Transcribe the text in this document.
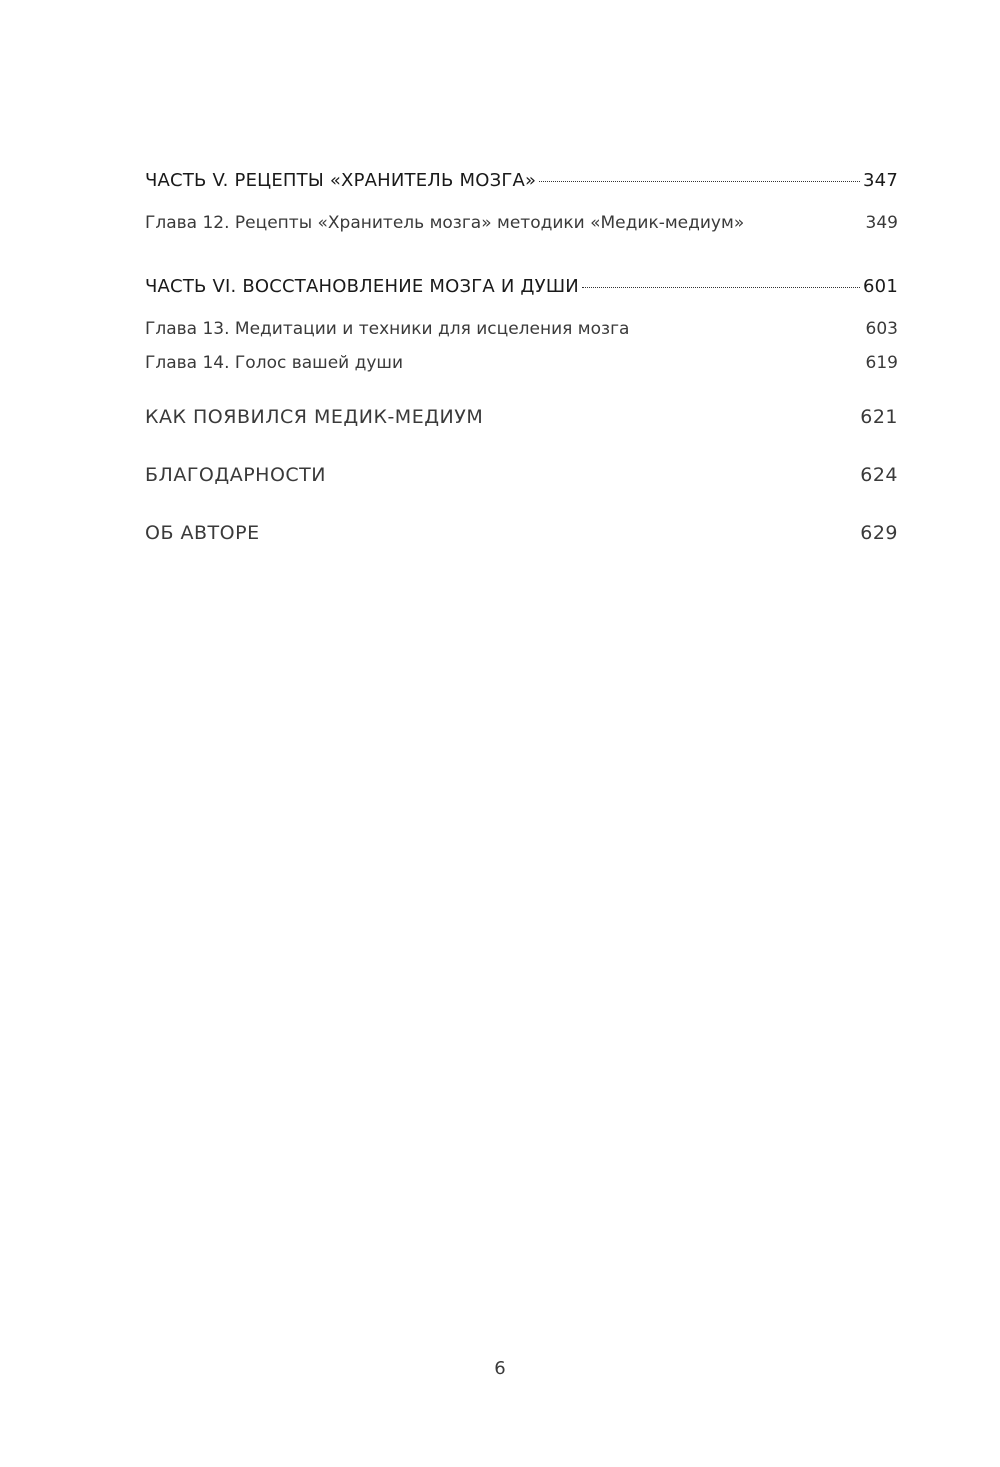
ЧАСТЬ V. РЕЦЕПТЫ «ХРАНИТЕЛЬ МОЗГА»	347
Глава 12. Рецепты «Хранитель мозга» методики «Медик-медиум»	349
ЧАСТЬ VI. ВОССТАНОВЛЕНИЕ МОЗГА И ДУШИ	601
Глава 13. Медитации и техники для исцеления мозга	603
Глава 14. Голос вашей души	619
КАК ПОЯВИЛСЯ МЕДИК-МЕДИУМ	621
БЛАГОДАРНОСТИ	624
ОБ АВТОРЕ	629
6
